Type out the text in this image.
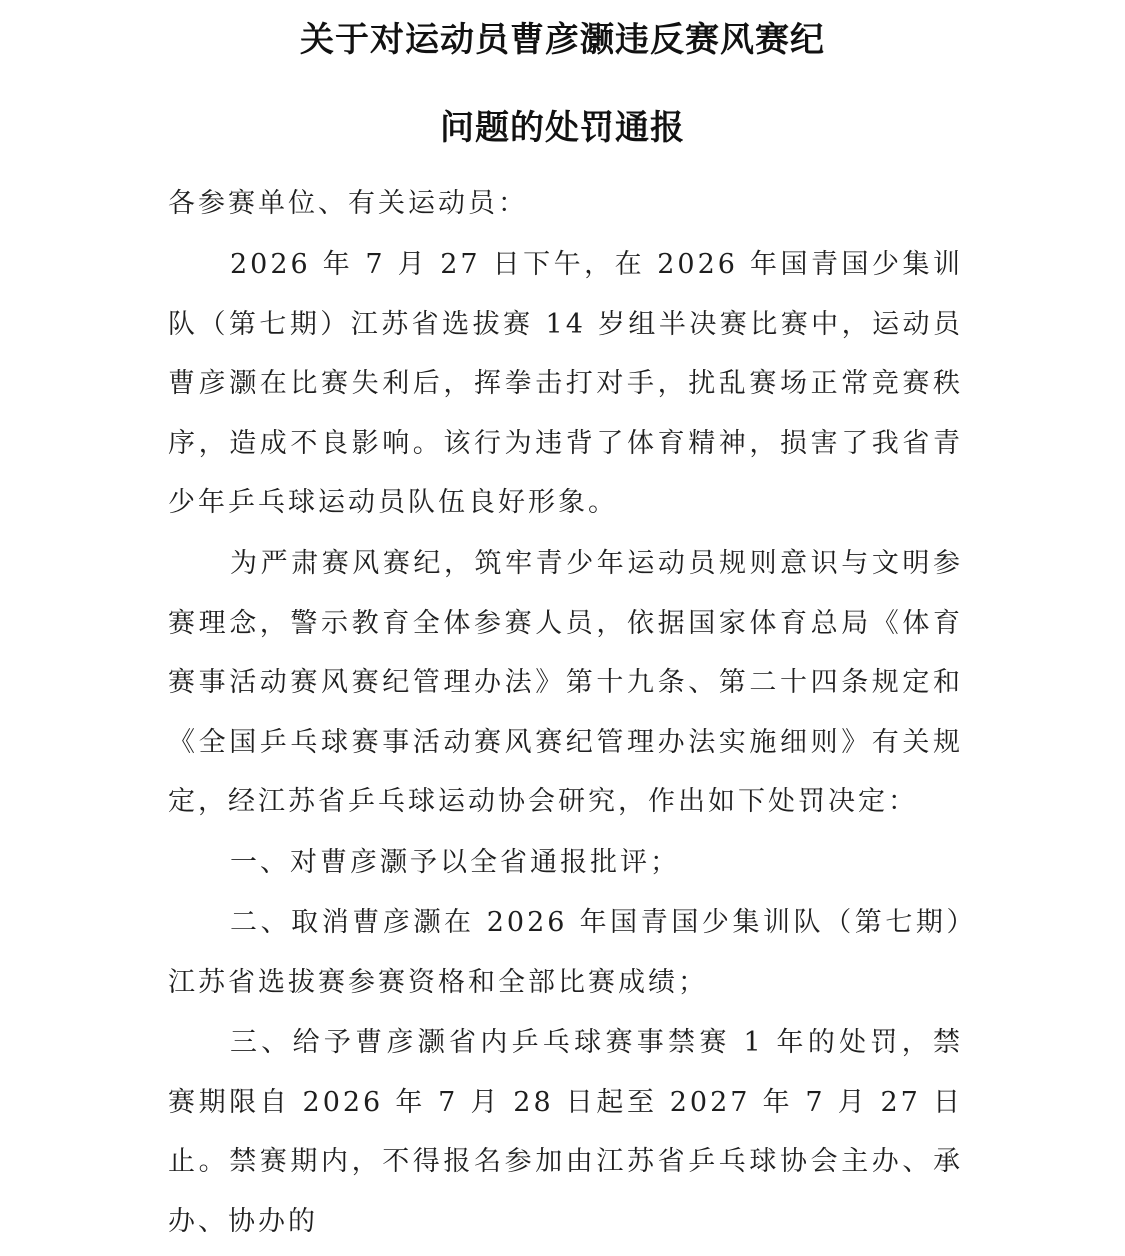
关于对运动员曹彦灏违反赛风赛纪
问题的处罚通报
各参赛单位、有关运动员：
2026 年 7 月 27 日下午，在 2026 年国青国少集训队（第七期）江苏省选拔赛 14 岁组半决赛比赛中，运动员曹彦灏在比赛失利后，挥拳击打对手，扰乱赛场正常竞赛秩序，造成不良影响。该行为违背了体育精神，损害了我省青少年乒乓球运动员队伍良好形象。
为严肃赛风赛纪，筑牢青少年运动员规则意识与文明参赛理念，警示教育全体参赛人员，依据国家体育总局《体育赛事活动赛风赛纪管理办法》第十九条、第二十四条规定和《全国乒乓球赛事活动赛风赛纪管理办法实施细则》有关规定，经江苏省乒乓球运动协会研究，作出如下处罚决定：
一、对曹彦灏予以全省通报批评；
二、取消曹彦灏在 2026 年国青国少集训队（第七期）江苏省选拔赛参赛资格和全部比赛成绩；
三、给予曹彦灏省内乒乓球赛事禁赛 1 年的处罚，禁赛期限自 2026 年 7 月 28 日起至 2027 年 7 月 27 日止。禁赛期内，不得报名参加由江苏省乒乓球协会主办、承办、协办的
